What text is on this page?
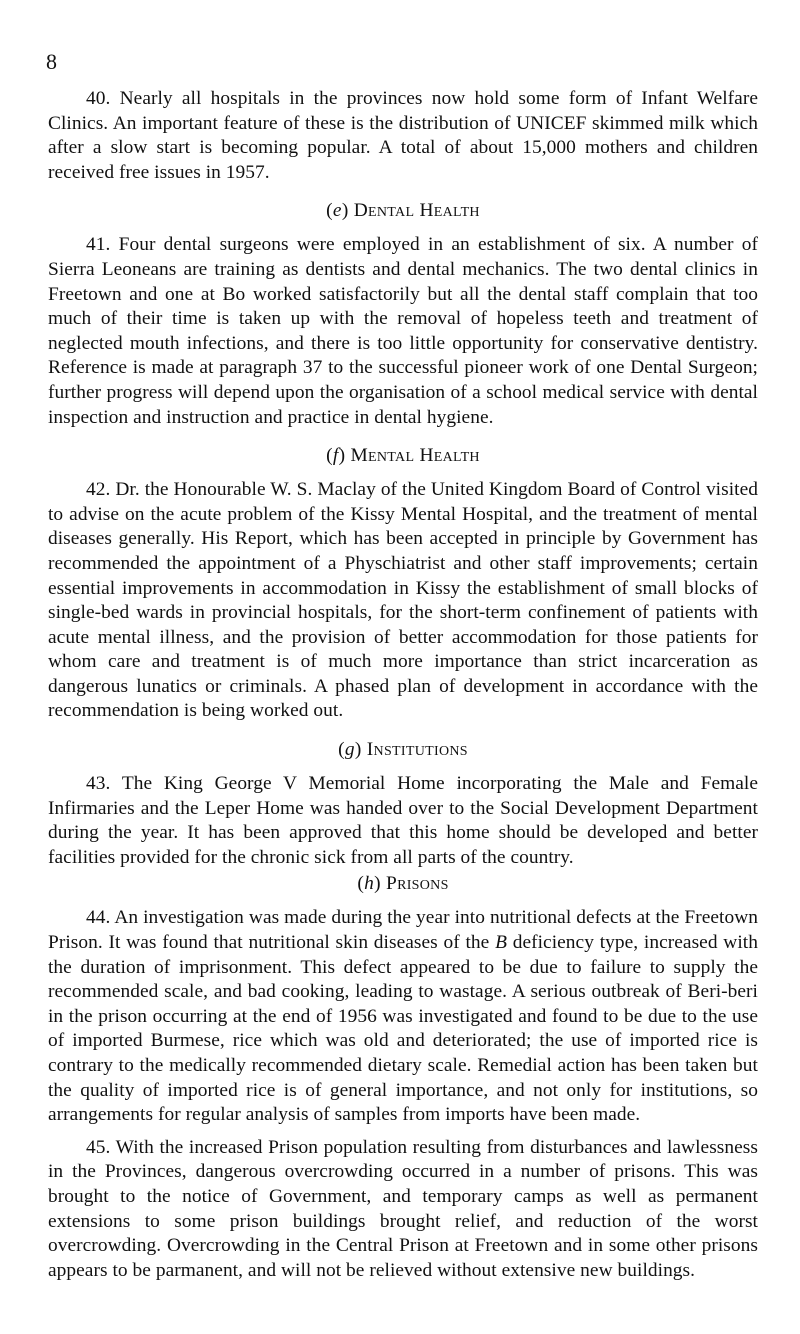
8

40. Nearly all hospitals in the provinces now hold some form of Infant Welfare Clinics. An important feature of these is the distribution of UNICEF skimmed milk which after a slow start is becoming popular. A total of about 15,000 mothers and children received free issues in 1957.

(e) Dental Health

41. Four dental surgeons were employed in an establishment of six. A number of Sierra Leoneans are training as dentists and dental mechanics. The two dental clinics in Freetown and one at Bo worked satisfactorily but all the dental staff complain that too much of their time is taken up with the removal of hopeless teeth and treatment of neglected mouth infections, and there is too little opportunity for conservative dentistry. Reference is made at paragraph 37 to the successful pioneer work of one Dental Surgeon; further progress will depend upon the organisation of a school medical service with dental inspection and instruction and practice in dental hygiene.

(f) Mental Health

42. Dr. the Honourable W. S. Maclay of the United Kingdom Board of Control visited to advise on the acute problem of the Kissy Mental Hospital, and the treatment of mental diseases generally. His Report, which has been accepted in principle by Government has recommended the appointment of a Physchiatrist and other staff improvements; certain essential improvements in accommodation in Kissy the establishment of small blocks of single-bed wards in provincial hospitals, for the short-term confinement of patients with acute mental illness, and the provision of better accommodation for those patients for whom care and treatment is of much more importance than strict incarceration as dangerous lunatics or criminals. A phased plan of development in accordance with the recommendation is being worked out.

(g) Institutions

43. The King George V Memorial Home incorporating the Male and Female Infirmaries and the Leper Home was handed over to the Social Development Department during the year. It has been approved that this home should be developed and better facilities provided for the chronic sick from all parts of the country.

(h) Prisons

44. An investigation was made during the year into nutritional defects at the Freetown Prison. It was found that nutritional skin diseases of the B deficiency type, increased with the duration of imprisonment. This defect appeared to be due to failure to supply the recommended scale, and bad cooking, leading to wastage. A serious outbreak of Beri-beri in the prison occurring at the end of 1956 was investigated and found to be due to the use of imported Burmese, rice which was old and deteriorated; the use of imported rice is contrary to the medically recommended dietary scale. Remedial action has been taken but the quality of imported rice is of general importance, and not only for institutions, so arrangements for regular analysis of samples from imports have been made.

45. With the increased Prison population resulting from disturbances and lawlessness in the Provinces, dangerous overcrowding occurred in a number of prisons. This was brought to the notice of Government, and temporary camps as well as permanent extensions to some prison buildings brought relief, and reduction of the worst overcrowding. Overcrowding in the Central Prison at Freetown and in some other prisons appears to be parmanent, and will not be relieved without extensive new buildings.
